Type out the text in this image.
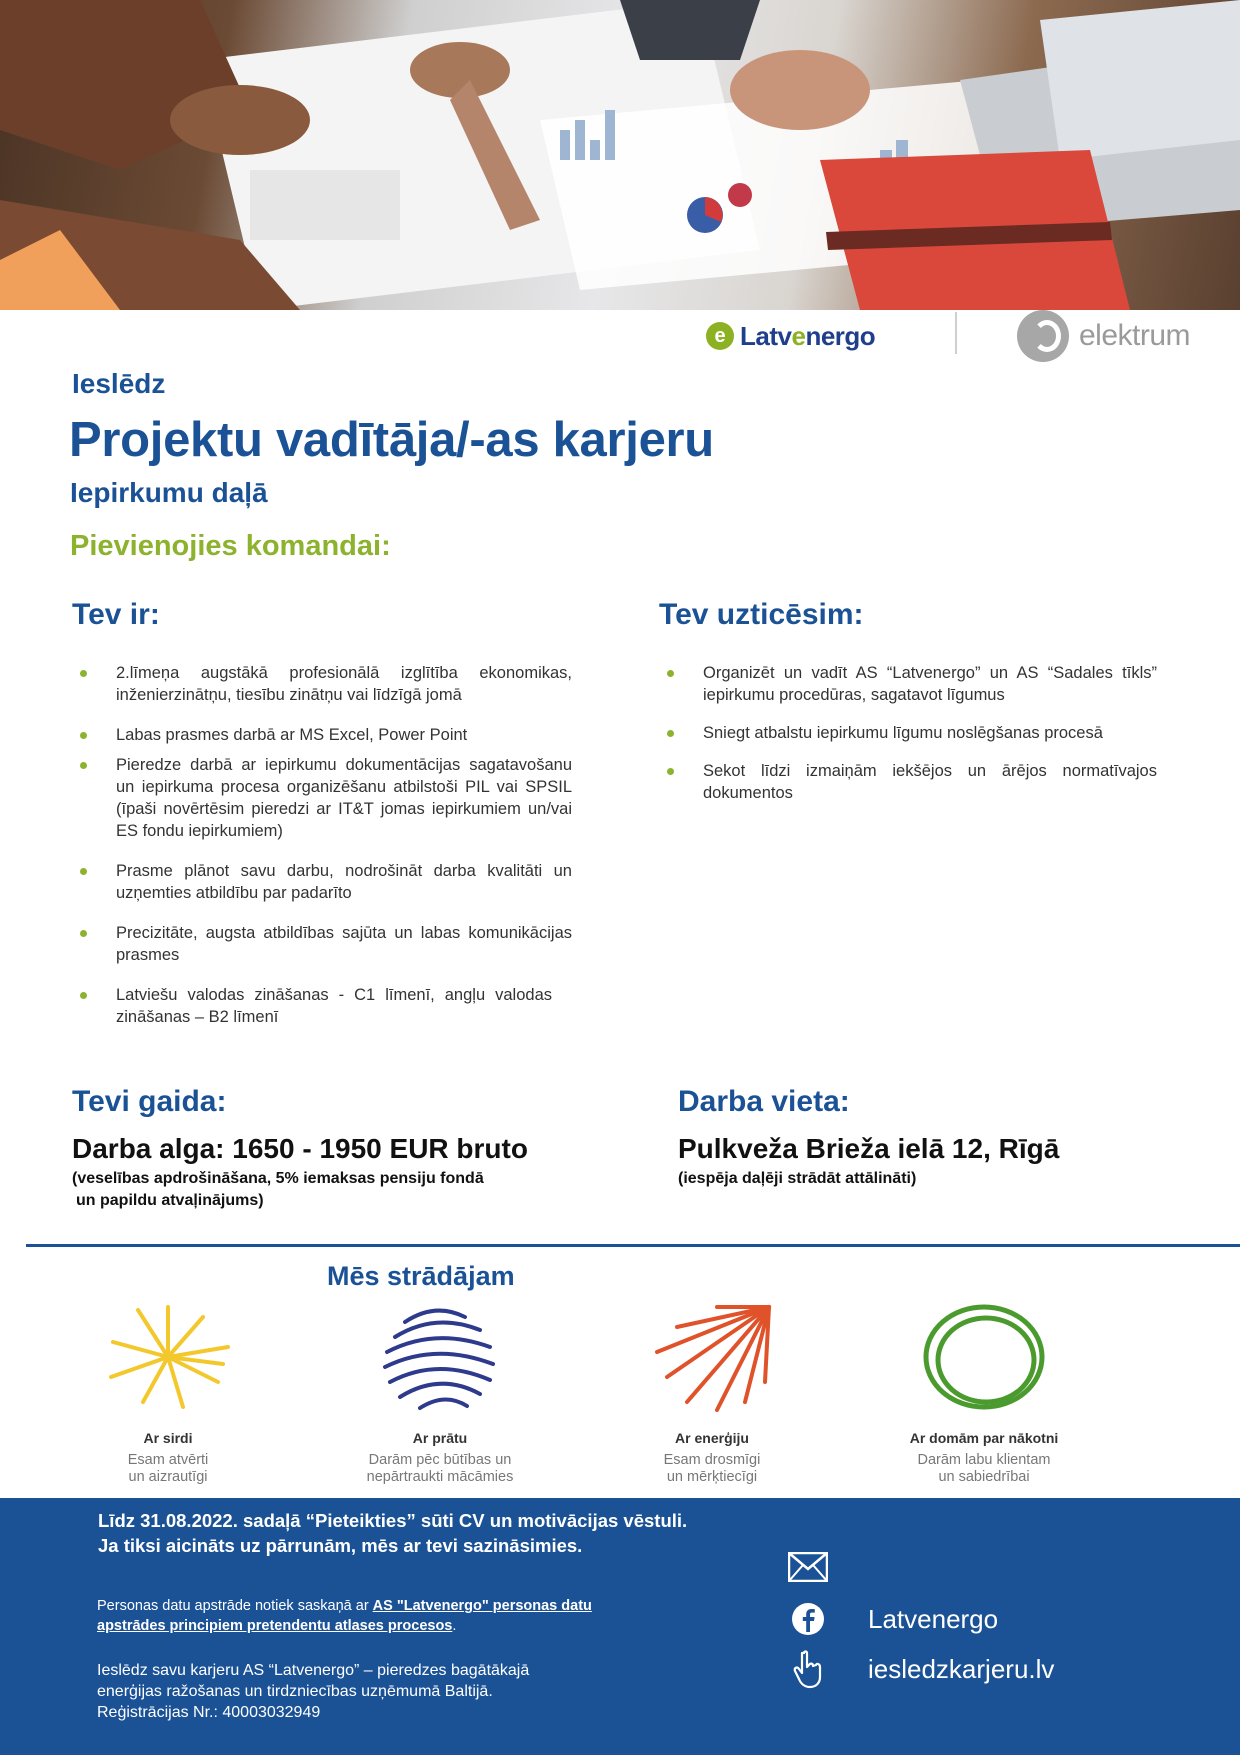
e Latvenergo	elektrum
Ieslēdz
Projektu vadītāja/-as karjeru
Iepirkumu daļā
Pievienojies komandai:
Tev ir:
2.līmeņa augstākā profesionālā izglītība ekonomikas, inženierzinātņu, tiesību zinātņu vai līdzīgā jomā
Labas prasmes darbā ar MS Excel, Power Point
Pieredze darbā ar iepirkumu dokumentācijas sagatavošanu un iepirkuma procesa organizēšanu atbilstoši PIL vai SPSIL (īpaši novērtēsim pieredzi ar IT&T jomas iepirkumiem un/vai ES fondu iepirkumiem)
Prasme plānot savu darbu, nodrošināt darba kvalitāti un uzņemties atbildību par padarīto
Precizitāte, augsta atbildības sajūta un labas komunikācijas prasmes
Latviešu valodas zināšanas - C1 līmenī, angļu valodas zināšanas – B2 līmenī
Tev uzticēsim:
Organizēt un vadīt AS “Latvenergo” un AS “Sadales tīkls” iepirkumu procedūras, sagatavot līgumus
Sniegt atbalstu iepirkumu līgumu noslēgšanas procesā
Sekot līdzi izmaiņām iekšējos un ārējos normatīvajos dokumentos
Tevi gaida:
Darba alga: 1650 - 1950 EUR bruto
(veselības apdrošināšana, 5% iemaksas pensiju fondā
un papildu atvaļinājums)
Darba vieta:
Pulkveža Brieža ielā 12, Rīgā
(iespēja daļēji strādāt attālināti)
Mēs strādājam
Ar sirdi
Esam atvērti
un aizrautīgi
Ar prātu
Darām pēc būtības un
nepārtraukti mācāmies
Ar enerģiju
Esam drosmīgi
un mērķtiecīgi
Ar domām par nākotni
Darām labu klientam
un sabiedrībai
Līdz 31.08.2022. sadaļā “Pieteikties” sūti CV un motivācijas vēstuli.
Ja tiksi aicināts uz pārrunām, mēs ar tevi sazināsimies.
Personas datu apstrāde notiek saskaņā ar AS "Latvenergo" personas datu apstrādes principiem pretendentu atlases procesos.
Ieslēdz savu karjeru AS “Latvenergo” – pieredzes bagātākajā
enerģijas ražošanas un tirdzniecības uzņēmumā Baltijā.
Reģistrācijas Nr.: 40003032949
Latvenergo
iesledzkarjeru.lv
